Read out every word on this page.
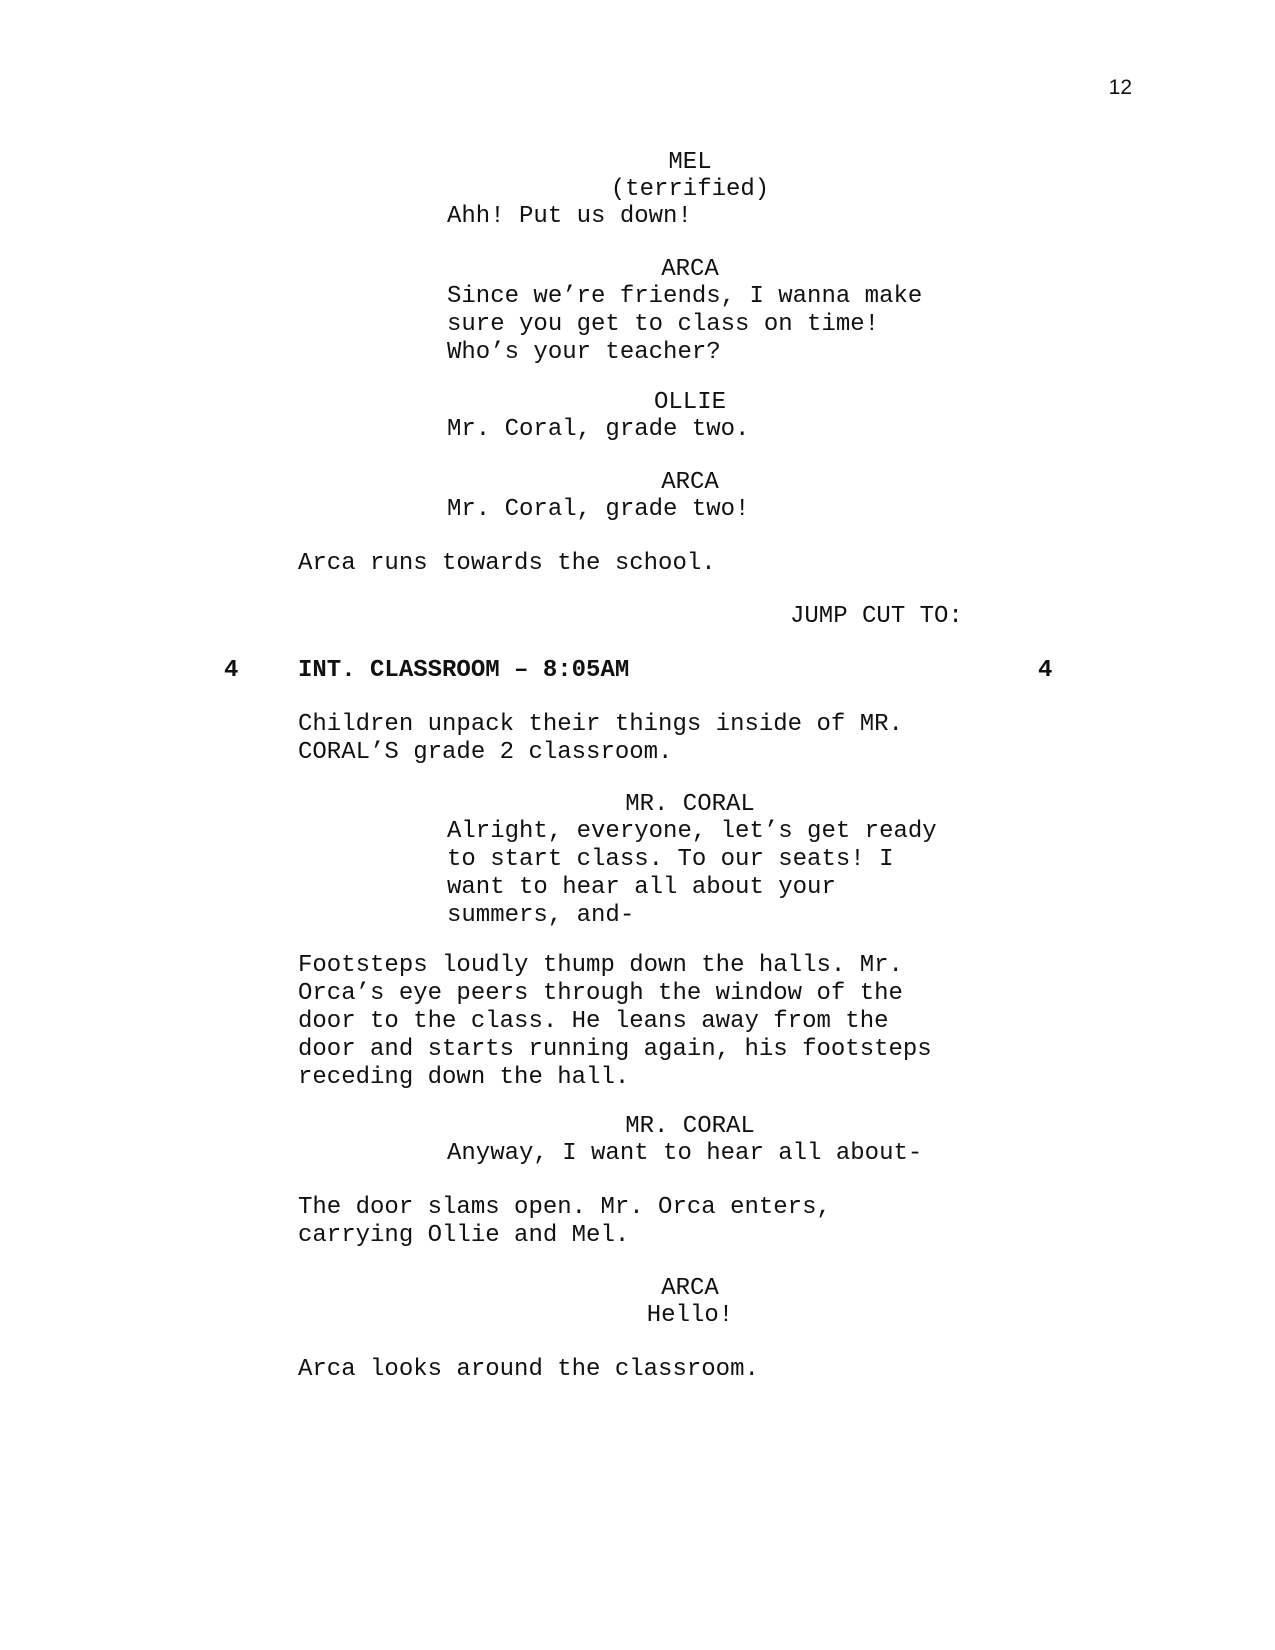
12
MEL
(terrified)
Ahh! Put us down!
ARCA
Since we’re friends, I wanna make
sure you get to class on time!
Who’s your teacher?
OLLIE
Mr. Coral, grade two.
ARCA
Mr. Coral, grade two!
Arca runs towards the school.
JUMP CUT TO:
4 INT. CLASSROOM – 8:05AM	4
Children unpack their things inside of MR.
CORAL’S grade 2 classroom.
MR. CORAL
Alright, everyone, let’s get ready
to start class. To our seats! I
want to hear all about your
summers, and-
Footsteps loudly thump down the halls. Mr.
Orca’s eye peers through the window of the
door to the class. He leans away from the
door and starts running again, his footsteps
receding down the hall.
MR. CORAL
Anyway, I want to hear all about-
The door slams open. Mr. Orca enters,
carrying Ollie and Mel.
ARCA
Hello!
Arca looks around the classroom.
